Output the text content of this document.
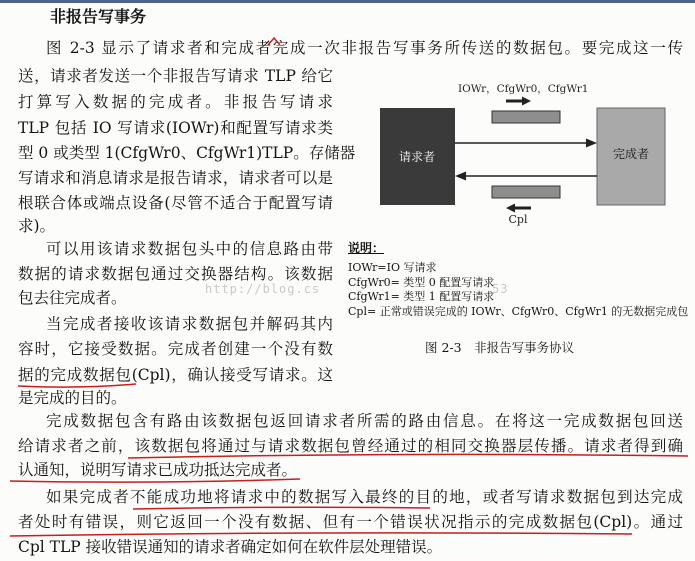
非报告写事务
IOWr，CfgWr0，CfgWr1
请求者	完成者
Cpl
说明：
IOWr=IO 写请求
CfgWr0= 类型 0 配置写请求
CfgWr1= 类型 1 配置写请求
Cpl= 正常或错误完成的 IOWr、CfgWr0、CfgWr1 的无数据完成包
图 2-3　非报告写事务协议
http://blog.cs	53
图 2-3 显示了请求者和完成者完成一次非报告写事务所传送的数据包。要完成这一传
送，请求者发送一个非报告写请求 TLP 给它
打算写入数据的完成者。非报告写请求
TLP 包括 IO 写请求(IOWr)和配置写请求类
型 0 或类型 1(CfgWr0、CfgWr1)TLP。存储器
写请求和消息请求是报告请求，请求者可以是
根联合体或端点设备(尽管不适合于配置写请
求)。
可以用该请求数据包头中的信息路由带
数据的请求数据包通过交换器结构。该数据
包去往完成者。
当完成者接收该请求数据包并解码其内
容时，它接受数据。完成者创建一个没有数
据的完成数据包(Cpl)，确认接受写请求。这
是完成的目的。
完成数据包含有路由该数据包返回请求者所需的路由信息。在将这一完成数据包回送
给请求者之前，该数据包将通过与请求数据包曾经通过的相同交换器层传播。请求者得到确
认通知，说明写请求已成功抵达完成者。
如果完成者不能成功地将请求中的数据写入最终的目的地，或者写请求数据包到达完成
者处时有错误，则它返回一个没有数据、但有一个错误状况指示的完成数据包(Cpl)。通过
Cpl TLP 接收错误通知的请求者确定如何在软件层处理错误。
